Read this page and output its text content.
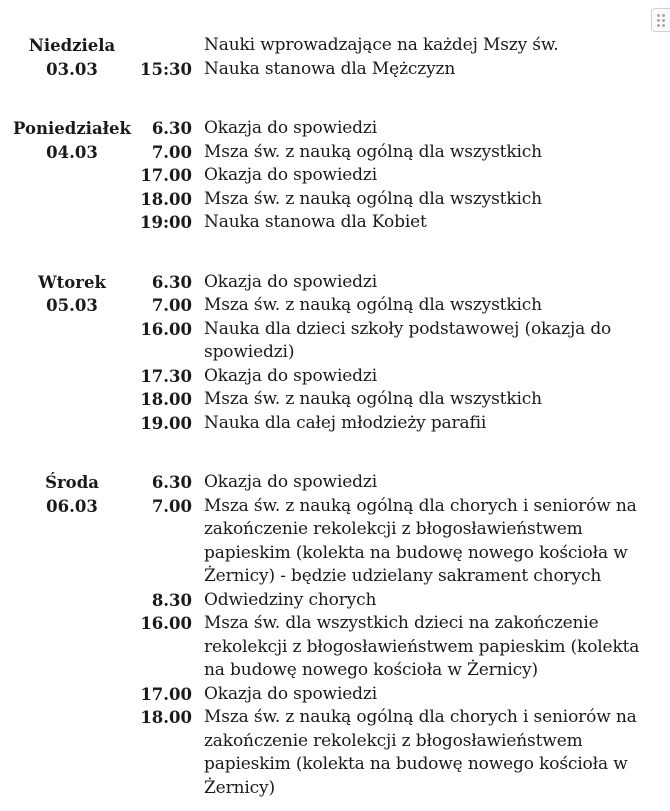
Niedziela
03.03		Nauki wprowadzające na każdej Mszy św.
	15:30	Nauka stanowa dla Mężczyzn

Poniedziałek
04.03	6.30	Okazja do spowiedzi
	7.00	Msza św. z nauką ogólną dla wszystkich
	17.00	Okazja do spowiedzi
	18.00	Msza św. z nauką ogólną dla wszystkich
	19:00	Nauka stanowa dla Kobiet

Wtorek
05.03	6.30	Okazja do spowiedzi
	7.00	Msza św. z nauką ogólną dla wszystkich
	16.00	Nauka dla dzieci szkoły podstawowej (okazja do spowiedzi)
	17.30	Okazja do spowiedzi
	18.00	Msza św. z nauką ogólną dla wszystkich
	19.00	Nauka dla całej młodzieży parafii

Środa
06.03	6.30	Okazja do spowiedzi
	7.00	Msza św. z nauką ogólną dla chorych i seniorów na zakończenie rekolekcji z błogosławieństwem papieskim (kolekta na budowę nowego kościoła w Żernicy) - będzie udzielany sakrament chorych
	8.30	Odwiedziny chorych
	16.00	Msza św. dla wszystkich dzieci na zakończenie rekolekcji z błogosławieństwem papieskim (kolekta na budowę nowego kościoła w Żernicy)
	17.00	Okazja do spowiedzi
	18.00	Msza św. z nauką ogólną dla chorych i seniorów na zakończenie rekolekcji z błogosławieństwem papieskim (kolekta na budowę nowego kościoła w Żernicy)
